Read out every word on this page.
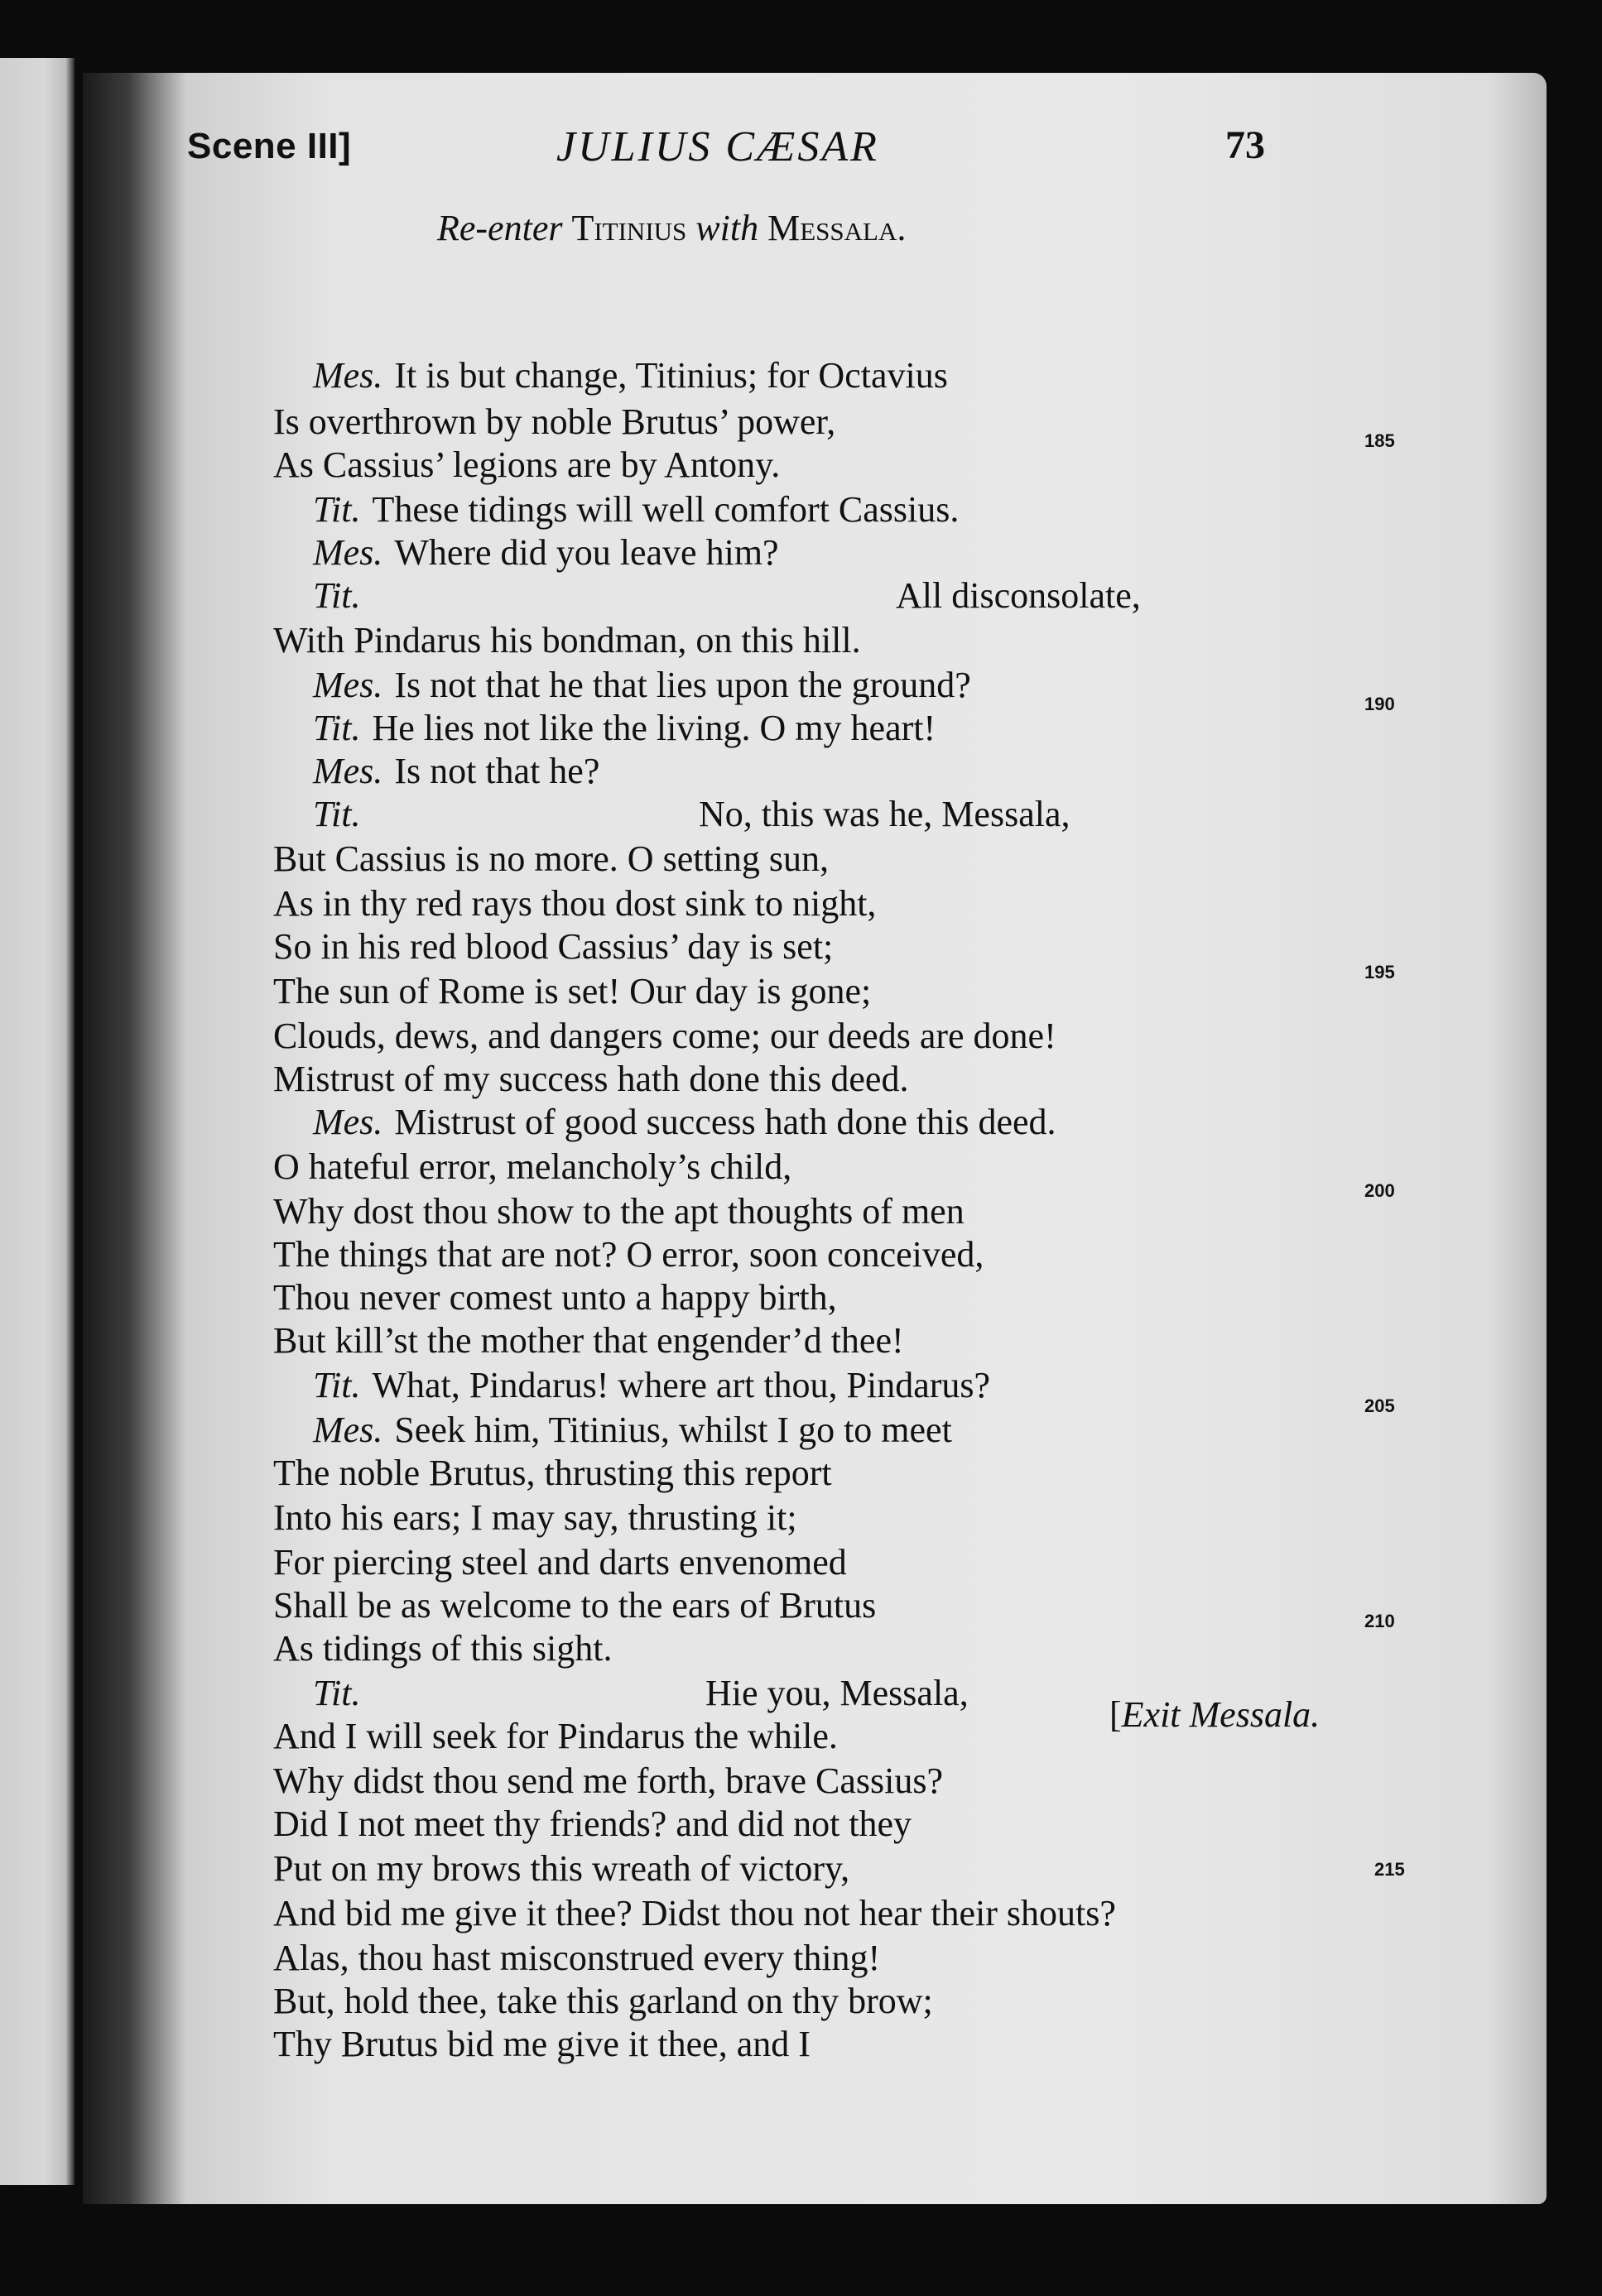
Scene III]	JULIUS CÆSAR	73
Re-enter Titinius with Messala.
Mes. It is but change, Titinius; for Octavius
Is overthrown by noble Brutus’ power,
As Cassius’ legions are by Antony.
Tit. These tidings will well comfort Cassius.
Mes. Where did you leave him?
Tit.	All disconsolate,
With Pindarus his bondman, on this hill.
Mes. Is not that he that lies upon the ground?
Tit. He lies not like the living. O my heart!
Mes. Is not that he?
Tit.	No, this was he, Messala,
But Cassius is no more. O setting sun,
As in thy red rays thou dost sink to night,
So in his red blood Cassius’ day is set;
The sun of Rome is set! Our day is gone;
Clouds, dews, and dangers come; our deeds are done!
Mistrust of my success hath done this deed.
Mes. Mistrust of good success hath done this deed.
O hateful error, melancholy’s child,
Why dost thou show to the apt thoughts of men
The things that are not? O error, soon conceived,
Thou never comest unto a happy birth,
But kill’st the mother that engender’d thee!
Tit. What, Pindarus! where art thou, Pindarus?
Mes. Seek him, Titinius, whilst I go to meet
The noble Brutus, thrusting this report
Into his ears; I may say, thrusting it;
For piercing steel and darts envenomed
Shall be as welcome to the ears of Brutus
As tidings of this sight.
Tit.	Hie you, Messala,
And I will seek for Pindarus the while.
Why didst thou send me forth, brave Cassius?
Did I not meet thy friends? and did not they
Put on my brows this wreath of victory,
And bid me give it thee? Didst thou not hear their shouts?
Alas, thou hast misconstrued every thing!
But, hold thee, take this garland on thy brow;
Thy Brutus bid me give it thee, and I
[Exit Messala.
185
190
195
200
205
210
215
